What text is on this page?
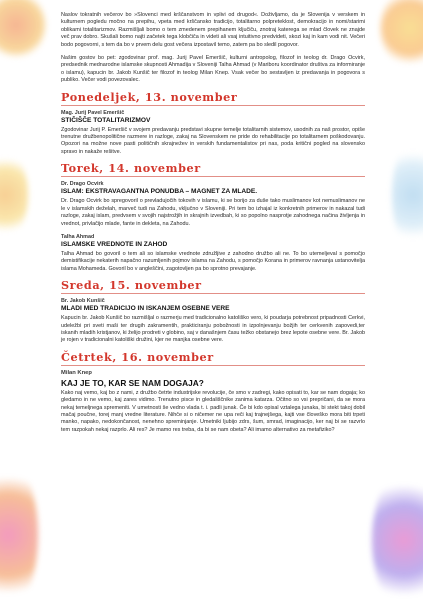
Naslov tokratnih večerov bo »Slovenci med krščanstvom in vplivi od drugod«. Doživljamo, da je Slovenija v verskem in kulturnem pogledu močno na prepihu, vpeta med krščansko tradicijo, totalitarno polpreteklost, demokracijo in nomi/starimi oblikami totalitarizmov. Razmišljali bomo o tem zmedenem prepihanem ključiču, znotraj katerega se mlad človek ne znajde več prav dobro. Skušali bomo najti začetek tega klobčiča in videti ali vsaj intuitivno predvideti, skozi kaj in kam vodi nit. Večeri bodo pogovorni, s tem da bo v prvem delu gost večera izpostavil temo, zatem pa bo sledil pogovor.

Našim gostov bo pet: zgodovinar prof. mag. Jurij Pavel Emeršič, kulturni antropolog, filozof in teolog dr. Drago Ocvirk, predsednik mednarodne islamske skupnosti Ahmadija v Sloveniji Talha Ahmad (v Mariboru koordinator društva za informiranje o islamu), kapucin br. Jakob Kunšič ter filozof in teolog Milan Knep. Vsak večer bo sestavljen iz predavanja in pogovora s publiko. Večer vodi povezovalec.

Ponedeljek, 13. november
Mag. Jurij Pavel Emeršič
STIČIŠČE TOTALITARIZMOV

Zgodovinar Jurij P. Emeršič v svojem predavanju predstavi skupne temelje totalitarnih sistemov, usodnih za naš prostor, opiše trenutne družbenopolitične razmere in razloge, zakaj na Slovenskem ne pride do rehabilitacije po totalitarnem poškodovanju. Opozori na možne nove pasti političnih skrajnežev in verskih fundamentalistov pri nas, poda kritični pogled na slovensko spravo in nakaže rešitve.

Torek, 14. november
Dr. Drago Ocvirk
ISLAM: EKSTRAVAGANTNA PONUDBA – MAGNET ZA MLADE.

Dr. Drago Ocvirk bo spregovoril o prevladujočih tokovih v islamu, ki se borijo za duše tako muslimanov kot nemuslimanov ne le v islamskih deželah, marveč tudi na Zahodu, vključno v Sloveniji. Pri tem bo izhajal iz konkretnih primerov in nakazal tudi razloge, zakaj islam, predvsem v svojih najstrožjih in skrajnih izvedbah, ki so popolno nasprotje zahodnega načina življenja in vrednot, privlačijo mlade, fante in dekleta, na Zahodu.

Talha Ahmad
ISLAMSKE VREDNOTE IN ZAHOD

Talha Ahmad bo govoril o tem ali so islamske vrednote združljive z zahodno družbo ali ne. To bo utemeljeval s pomočjo demistifikacije nekaterih napačno razumljenih pojmov islama na Zahodu, s pomočjo Korana in primerov ravnanja ustanovitelja islama Mohameda. Govoril bo v angleščini, zagotovljen pa bo sprotno prevajanje.

Sreda, 15. november
Br. Jakob Kunšič
MLADI MED TRADICIJO IN ISKANJEM OSEBNE VERE

Kapucin br. Jakob Kunšič bo razmišljal o razmerju med tradicionalno katoliško vero, ki poudarja potrebnost pripadnosti Cerkvi, udeležbi pri sveti maši ter drugih zakramentih, prakticiranju pobožnosti in izpolnjevanju božjih ter cerkvenih zapovedi,ter iskanih mladih kristjanov, ki želijo prodreti v globino, saj v današnjem času težko obstanejo brez lepote osebne vere. Br. Jakob je rojen v tradicionalni katoliški družini, kjer ne manjka osebne vere.

Četrtek, 16. november
Milan Knep
KAJ JE TO, KAR SE NAM DOGAJA?

Kako naj vemo, kaj bo z nami, z družbo četrte industrijske revolucije, če smo v zadregi, kako opisati to, kar se nam dogaja; ko gledamo in ne vemo, kaj zares vidimo. Trenutno pisce in gledališčnike zanima katarza. Očitno so vsi prepričani, da se mora nekaj temeljnega spremeniti. V umetnosti še vedno vlada t. i. padli junak. Če bi kdo opisal vztalega junaka, bi stekt takoj dobil mačaj poučne, torej manj vredne literature. Nihče si o ničemer ne upa reči kaj trajnejšega, kajti vse človeško mora biti trpeti manko, napako, nedokončanost, nenehno spreminjanje. Umetniki ljubijo zdrs, šum, smrad, imaginacijo, ker naj bi se razvrlo tem razpokah nekaj razprlo. Ali res? Je mamo res treba, da bi se nam obeta? Ali imamo alternativo za metafiziko?
